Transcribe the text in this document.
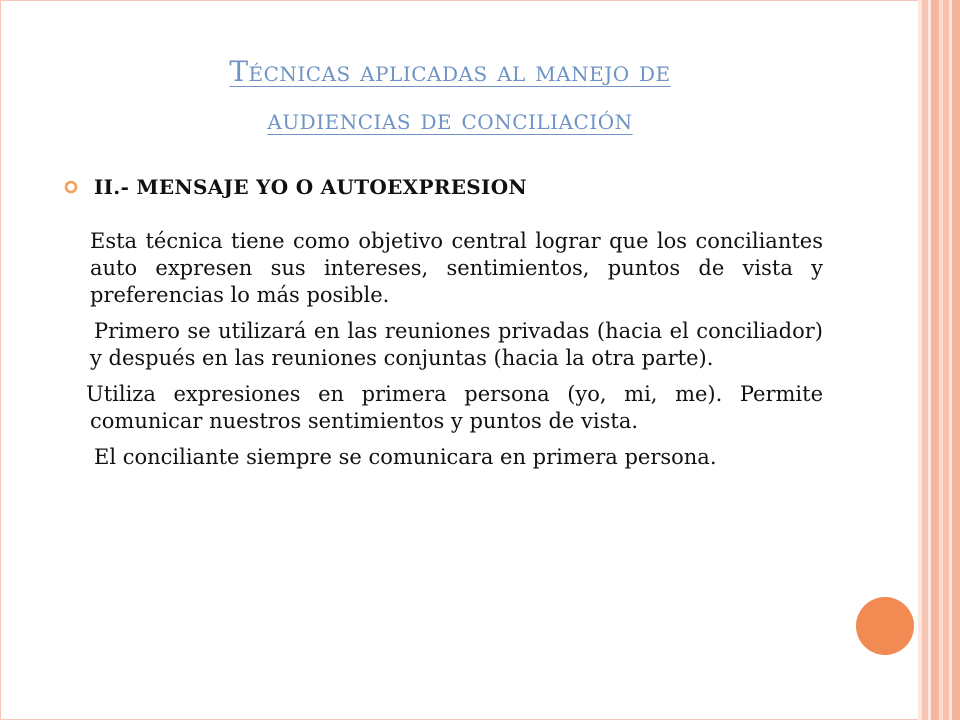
Técnicas aplicadas al manejo de
audiencias de conciliación
II.- MENSAJE YO O AUTOEXPRESION

Esta técnica tiene como objetivo central lograr que los conciliantes auto expresen sus intereses, sentimientos, puntos de vista y preferencias lo más posible.

Primero se utilizará en las reuniones privadas (hacia el conciliador) y después en las reuniones conjuntas (hacia la otra parte).

Utiliza expresiones en primera persona (yo, mi, me). Permite comunicar nuestros sentimientos y puntos de vista.

El conciliante siempre se comunicara en primera persona.
